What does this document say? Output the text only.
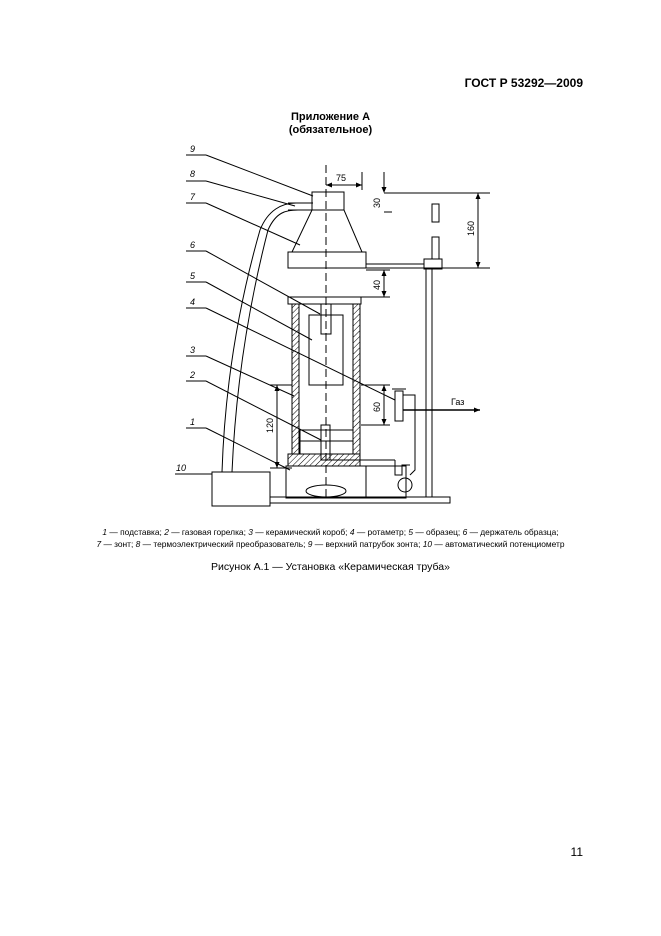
ГОСТ Р 53292—2009
Приложение А
(обязательное)
9
8
7
6
5
4
3
2
1
10
75
30
160
40
60
120
Газ
1 — подставка; 2 — газовая горелка; 3 — керамический короб; 4 — ротаметр; 5 — образец; 6 — держатель образца;
7 — зонт; 8 — термоэлектрический преобразователь; 9 — верхний патрубок зонта; 10 — автоматический потенциометр
Рисунок А.1 — Установка «Керамическая труба»
11
